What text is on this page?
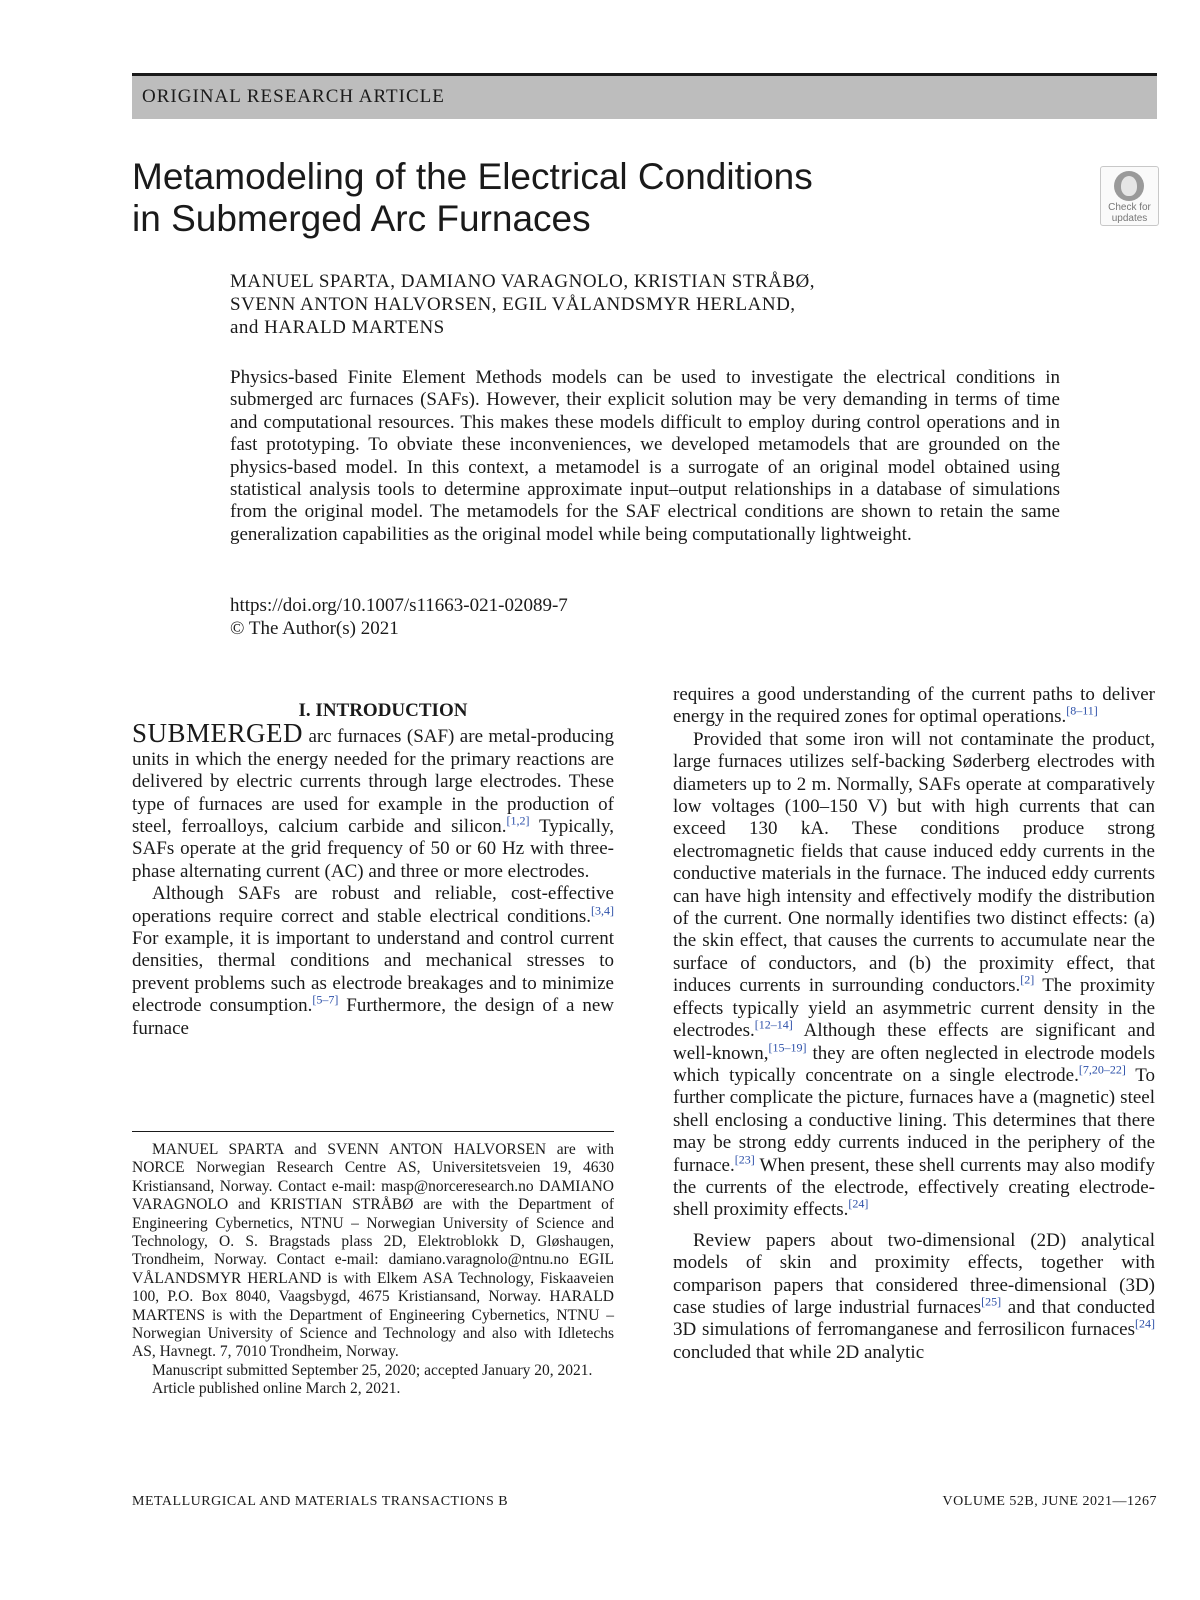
ORIGINAL RESEARCH ARTICLE
Metamodeling of the Electrical Conditions
in Submerged Arc Furnaces	Check for
updates
MANUEL SPARTA, DAMIANO VARAGNOLO, KRISTIAN STRÅBØ,
SVENN ANTON HALVORSEN, EGIL VÅLANDSMYR HERLAND,
and HARALD MARTENS

Physics-based Finite Element Methods models can be used to investigate the electrical conditions in submerged arc furnaces (SAFs). However, their explicit solution may be very demanding in terms of time and computational resources. This makes these models difficult to employ during control operations and in fast prototyping. To obviate these inconveniences, we developed metamodels that are grounded on the physics-based model. In this context, a metamodel is a surrogate of an original model obtained using statistical analysis tools to determine approximate input–output relationships in a database of simulations from the original model. The metamodels for the SAF electrical conditions are shown to retain the same generalization capabilities as the original model while being computationally lightweight.

https://doi.org/10.1007/s11663-021-02089-7
© The Author(s) 2021

I. INTRODUCTION

SUBMERGED arc furnaces (SAF) are metal-producing units in which the energy needed for the primary reactions are delivered by electric currents through large electrodes. These type of furnaces are used for example in the production of steel, ferroalloys, calcium carbide and silicon.[1,2] Typically, SAFs operate at the grid frequency of 50 or 60 Hz with three-phase alternating current (AC) and three or more electrodes.

Although SAFs are robust and reliable, cost-effective operations require correct and stable electrical conditions.[3,4] For example, it is important to understand and control current densities, thermal conditions and mechanical stresses to prevent problems such as electrode breakages and to minimize electrode consumption.[5–7] Furthermore, the design of a new furnace

requires a good understanding of the current paths to deliver energy in the required zones for optimal operations.[8–11]

Provided that some iron will not contaminate the product, large furnaces utilizes self-backing Søderberg electrodes with diameters up to 2 m. Normally, SAFs operate at comparatively low voltages (100–150 V) but with high currents that can exceed 130 kA. These conditions produce strong electromagnetic fields that cause induced eddy currents in the conductive materials in the furnace. The induced eddy currents can have high intensity and effectively modify the distribution of the current. One normally identifies two distinct effects: (a) the skin effect, that causes the currents to accumulate near the surface of conductors, and (b) the proximity effect, that induces currents in surrounding conductors.[2] The proximity effects typically yield an asymmetric current density in the electrodes.[12–14] Although these effects are significant and well-known,[15–19] they are often neglected in electrode models which typically concentrate on a single electrode.[7,20–22] To further complicate the picture, furnaces have a (magnetic) steel shell enclosing a conductive lining. This determines that there may be strong eddy currents induced in the periphery of the furnace.[23] When present, these shell currents may also modify the currents of the electrode, effectively creating electrode-shell proximity effects.[24]

Review papers about two-dimensional (2D) analytical models of skin and proximity effects, together with comparison papers that considered three-dimensional (3D) case studies of large industrial furnaces[25] and that conducted 3D simulations of ferromanganese and ferrosilicon furnaces[24] concluded that while 2D analytic

MANUEL SPARTA and SVENN ANTON HALVORSEN are with NORCE Norwegian Research Centre AS, Universitetsveien 19, 4630 Kristiansand, Norway. Contact e-mail: masp@norceresearch.no DAMIANO VARAGNOLO and KRISTIAN STRÅBØ are with the Department of Engineering Cybernetics, NTNU – Norwegian University of Science and Technology, O. S. Bragstads plass 2D, Elektroblokk D, Gløshaugen, Trondheim, Norway. Contact e-mail: damiano.varagnolo@ntnu.no EGIL VÅLANDSMYR HERLAND is with Elkem ASA Technology, Fiskaaveien 100, P.O. Box 8040, Vaagsbygd, 4675 Kristiansand, Norway. HARALD MARTENS is with the Department of Engineering Cybernetics, NTNU – Norwegian University of Science and Technology and also with Idletechs AS, Havnegt. 7, 7010 Trondheim, Norway.

Manuscript submitted September 25, 2020; accepted January 20, 2021.

Article published online March 2, 2021.

METALLURGICAL AND MATERIALS TRANSACTIONS B	VOLUME 52B, JUNE 2021—1267
